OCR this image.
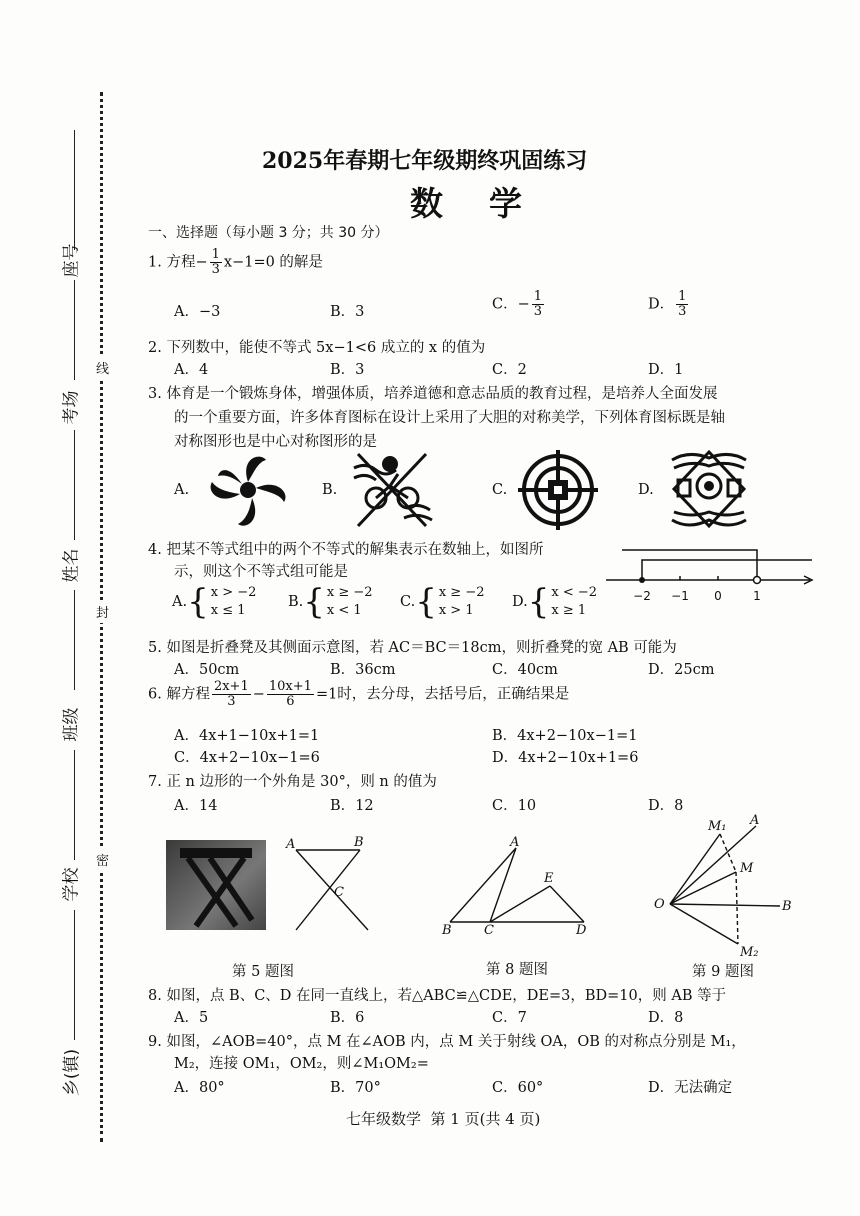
座号
考场
姓名
班级
学校
乡(镇)
线
封
密
2025年春期七年级期终巩固练习
数    学
一、选择题（每小题 3 分；共 30 分）
1. 方程− $\frac{1}{3} x-1=0$ 的解是
A．−3	B．3	C．− $\frac{1}{3}$	D． $\frac{1}{3}$
2. 下列数中，能使不等式 5x−1<6 成立的 x 的值为
A．4	B．3	C．2	D．1
3. 体育是一个锻炼身体，增强体质，培养道德和意志品质的教育过程，是培养人全面发展
的一个重要方面，许多体育图标在设计上采用了大胆的对称美学，下列体育图标既是轴
对称图形也是中心对称图形的是
A.	B.	C.	D.
4. 把某不等式组中的两个不等式的解集表示在数轴上，如图所
示，则这个不等式组可能是
A.{ x > −2
x ≤ 1
B.{ x ≥ −2
x < 1
C.{ x ≥ −2
x > 1
D.{ x < −2
x ≥ 1
−2 −1 0	1
5. 如图是折叠凳及其侧面示意图，若 AC＝BC＝18cm，则折叠凳的宽 AB 可能为
A．50cm	B．36cm	C．40cm	D．25cm
6. 解方程 $\frac{2x+1}{3} - \frac{10x+1}{6} =1$时，去分母，去括号后，正确结果是
A．4x+1−10x+1=1	B．4x+2−10x−1=1
C．4x+2−10x−1=6	D．4x+2−10x+1=6
7. 正 n 边形的一个外角是 30°，则 n 的值为
A．14	B．12	C．10	D．8
A	B
C
A
E
B C	D
M₁ A
M
O	B
M₂
第 5 题图	第 8 题图	第 9 题图
8. 如图，点 B、C、D 在同一直线上，若△ABC≌△CDE，DE=3，BD=10，则 AB 等于
A．5	B．6	C．7	D．8
9. 如图，∠AOB=40°，点 M 在∠AOB 内，点 M 关于射线 OA，OB 的对称点分别是 M₁，
M₂，连接 OM₁，OM₂，则∠M₁OM₂=
A．80°	B．70°	C．60°	D．无法确定
七年级数学  第 1 页(共 4 页)
